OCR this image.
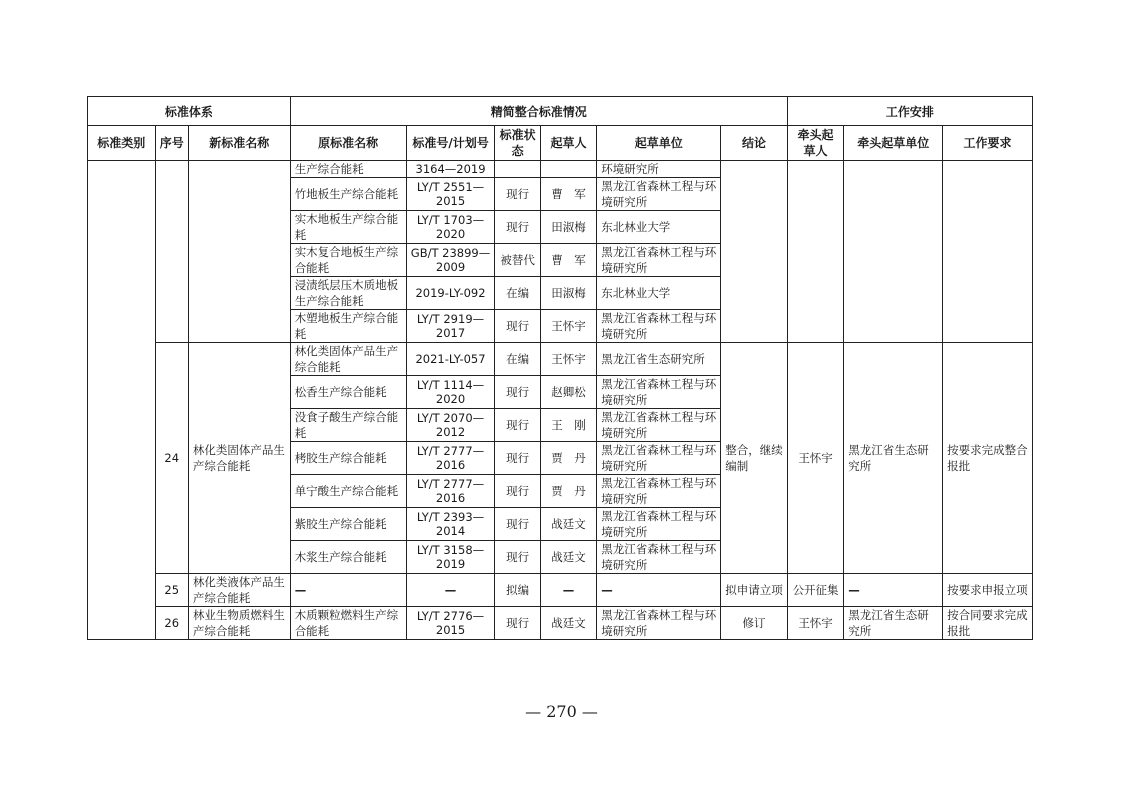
标准体系			精简整合标准情况						工作安排		
标准类别	序号	新标准名称	原标准名称	标准号/计划号	标准状态	起草人	起草单位	结论	牵头起草人	牵头起草单位	工作要求
			生产综合能耗	3164—2019			环境研究所				
			竹地板生产综合能耗	LY/T 2551—2015	现行	曹　军	黑龙江省森林工程与环境研究所				
			实木地板生产综合能耗	LY/T 1703—2020	现行	田淑梅	东北林业大学				
			实木复合地板生产综合能耗	GB/T 23899—2009	被替代	曹　军	黑龙江省森林工程与环境研究所				
			浸渍纸层压木质地板生产综合能耗	2019-LY-092	在编	田淑梅	东北林业大学				
			木塑地板生产综合能耗	LY/T 2919—2017	现行	王怀宇	黑龙江省森林工程与环境研究所				
	24	林化类固体产品生产综合能耗	林化类固体产品生产综合能耗	2021-LY-057	在编	王怀宇	黑龙江省生态研究所	整合，继续编制	王怀宇	黑龙江省生态研究所	按要求完成整合报批
			松香生产综合能耗	LY/T 1114—2020	现行	赵卿松	黑龙江省森林工程与环境研究所				
			没食子酸生产综合能耗	LY/T 2070—2012	现行	王　刚	黑龙江省森林工程与环境研究所				
			栲胶生产综合能耗	LY/T 2777—2016	现行	贾　丹	黑龙江省森林工程与环境研究所				
			单宁酸生产综合能耗	LY/T 2777—2016	现行	贾　丹	黑龙江省森林工程与环境研究所				
			紫胶生产综合能耗	LY/T 2393—2014	现行	战廷文	黑龙江省森林工程与环境研究所				
			木浆生产综合能耗	LY/T 3158—2019	现行	战廷文	黑龙江省森林工程与环境研究所				
	25	林化类液体产品生产综合能耗	—	—	拟编	—	—	拟申请立项	公开征集	—	按要求申报立项
	26	林业生物质燃料生产综合能耗	木质颗粒燃料生产综合能耗	LY/T 2776—2015	现行	战廷文	黑龙江省森林工程与环境研究所	修订	王怀宇	黑龙江省生态研究所	按合同要求完成报批
— 270 —
